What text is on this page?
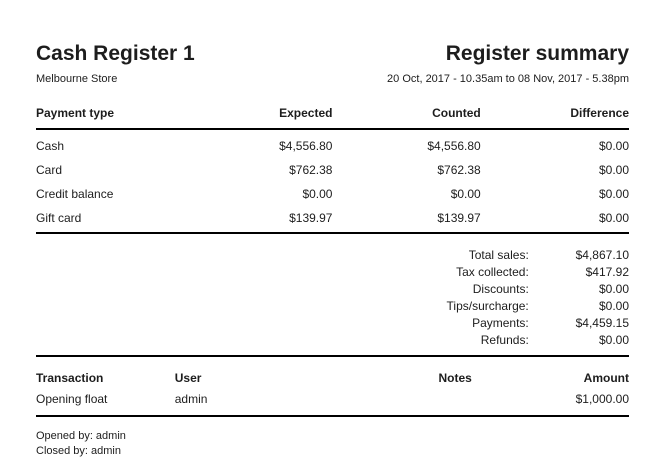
Cash Register 1
Melbourne Store
Register summary
20 Oct, 2017 - 10.35am to 08 Nov, 2017 - 5.38pm
Payment type	Expected	Counted	Difference
Cash	$4,556.80	$4,556.80	$0.00
Card	$762.38	$762.38	$0.00
Credit balance	$0.00	$0.00	$0.00
Gift card	$139.97	$139.97	$0.00
Total sales:	$4,867.10
Tax collected:	$417.92
Discounts:	$0.00
Tips/surcharge:	$0.00
Payments:	$4,459.15
Refunds:	$0.00
Transaction	User	Notes	Amount
Opening float	admin		$1,000.00
Opened by: admin
Closed by: admin
